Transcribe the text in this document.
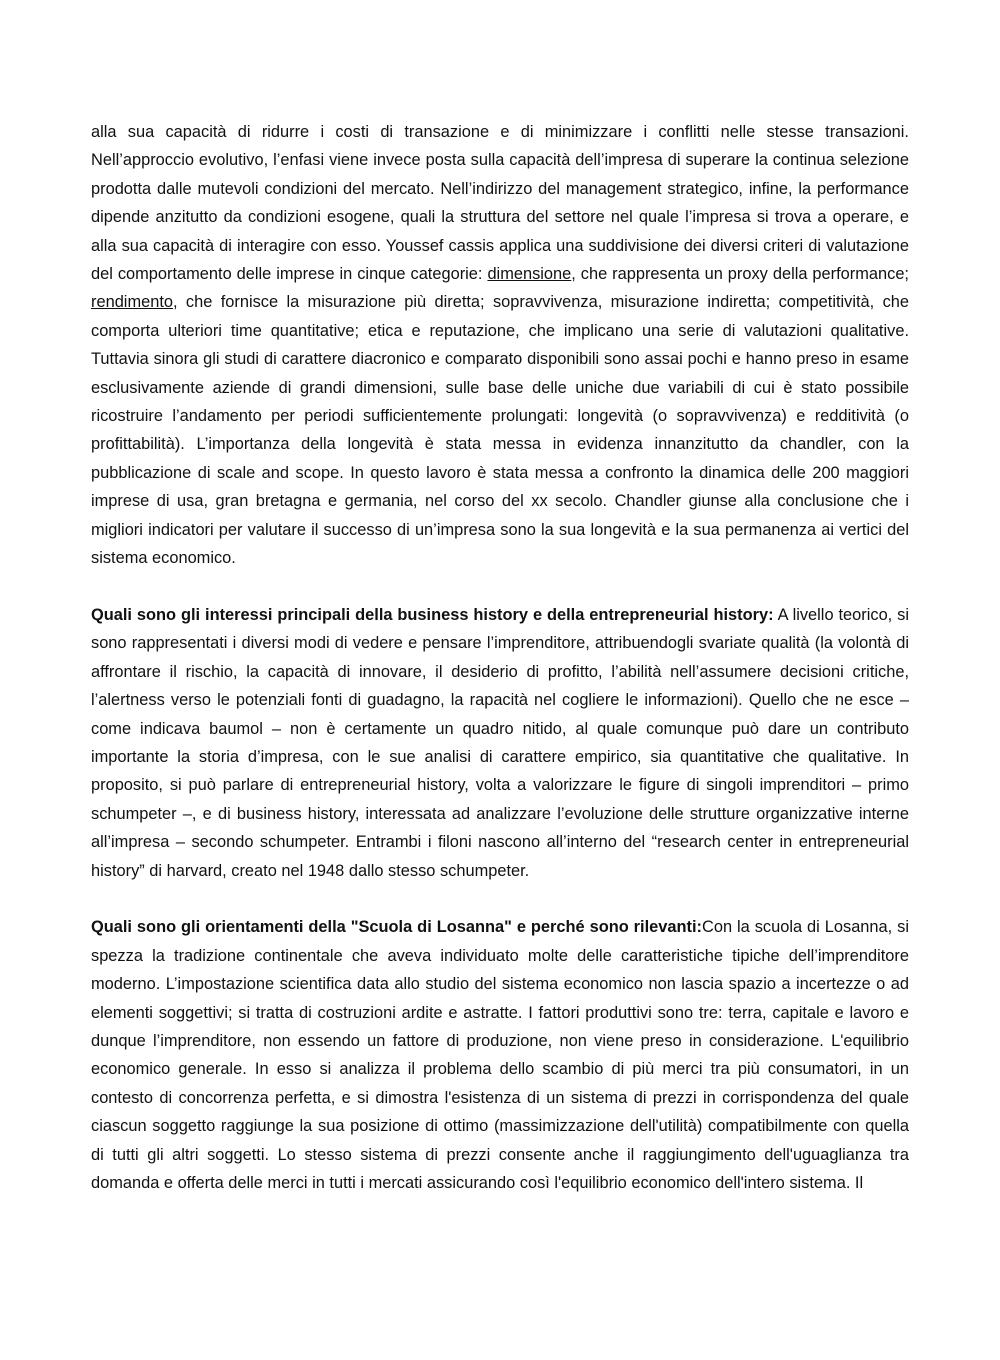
alla sua capacità di ridurre i costi di transazione e di minimizzare i conflitti nelle stesse transazioni. Nell’approccio evolutivo, l’enfasi viene invece posta sulla capacità dell’impresa di superare la continua selezione prodotta dalle mutevoli condizioni del mercato. Nell’indirizzo del management strategico, infine, la performance dipende anzitutto da condizioni esogene, quali la struttura del settore nel quale l’impresa si trova a operare, e alla sua capacità di interagire con esso. Youssef cassis applica una suddivisione dei diversi criteri di valutazione del comportamento delle imprese in cinque categorie: dimensione, che rappresenta un proxy della performance; rendimento, che fornisce la misurazione più diretta; sopravvivenza, misurazione indiretta; competitività, che comporta ulteriori time quantitative; etica e reputazione, che implicano una serie di valutazioni qualitative. Tuttavia sinora gli studi di carattere diacronico e comparato disponibili sono assai pochi e hanno preso in esame esclusivamente aziende di grandi dimensioni, sulle base delle uniche due variabili di cui è stato possibile ricostruire l’andamento per periodi sufficientemente prolungati: longevità (o sopravvivenza) e redditività (o profittabilità). L’importanza della longevità è stata messa in evidenza innanzitutto da chandler, con la pubblicazione di scale and scope. In questo lavoro è stata messa a confronto la dinamica delle 200 maggiori imprese di usa, gran bretagna e germania, nel corso del xx secolo. Chandler giunse alla conclusione che i migliori indicatori per valutare il successo di un’impresa sono la sua longevità e la sua permanenza ai vertici del sistema economico.

Quali sono gli interessi principali della business history e della entrepreneurial history: A livello teorico, si sono rappresentati i diversi modi di vedere e pensare l’imprenditore, attribuendogli svariate qualità (la volontà di affrontare il rischio, la capacità di innovare, il desiderio di profitto, l’abilità nell’assumere decisioni critiche, l’alertness verso le potenziali fonti di guadagno, la rapacità nel cogliere le informazioni). Quello che ne esce – come indicava baumol – non è certamente un quadro nitido, al quale comunque può dare un contributo importante la storia d’impresa, con le sue analisi di carattere empirico, sia quantitative che qualitative. In proposito, si può parlare di entrepreneurial history, volta a valorizzare le figure di singoli imprenditori – primo schumpeter –, e di business history, interessata ad analizzare l’evoluzione delle strutture organizzative interne all’impresa – secondo schumpeter. Entrambi i filoni nascono all’interno del “research center in entrepreneurial history” di harvard, creato nel 1948 dallo stesso schumpeter.

Quali sono gli orientamenti della "Scuola di Losanna" e perché sono rilevanti:Con la scuola di Losanna, si spezza la tradizione continentale che aveva individuato molte delle caratteristiche tipiche dell’imprenditore moderno. L’impostazione scientifica data allo studio del sistema economico non lascia spazio a incertezze o ad elementi soggettivi; si tratta di costruzioni ardite e astratte. I fattori produttivi sono tre: terra, capitale e lavoro e dunque l’imprenditore, non essendo un fattore di produzione, non viene preso in considerazione. L'equilibrio economico generale. In esso si analizza il problema dello scambio di più merci tra più consumatori, in un contesto di concorrenza perfetta, e si dimostra l'esistenza di un sistema di prezzi in corrispondenza del quale ciascun soggetto raggiunge la sua posizione di ottimo (massimizzazione dell'utilità) compatibilmente con quella di tutti gli altri soggetti. Lo stesso sistema di prezzi consente anche il raggiungimento dell'uguaglianza tra domanda e offerta delle merci in tutti i mercati assicurando così l'equilibrio economico dell'intero sistema. Il
